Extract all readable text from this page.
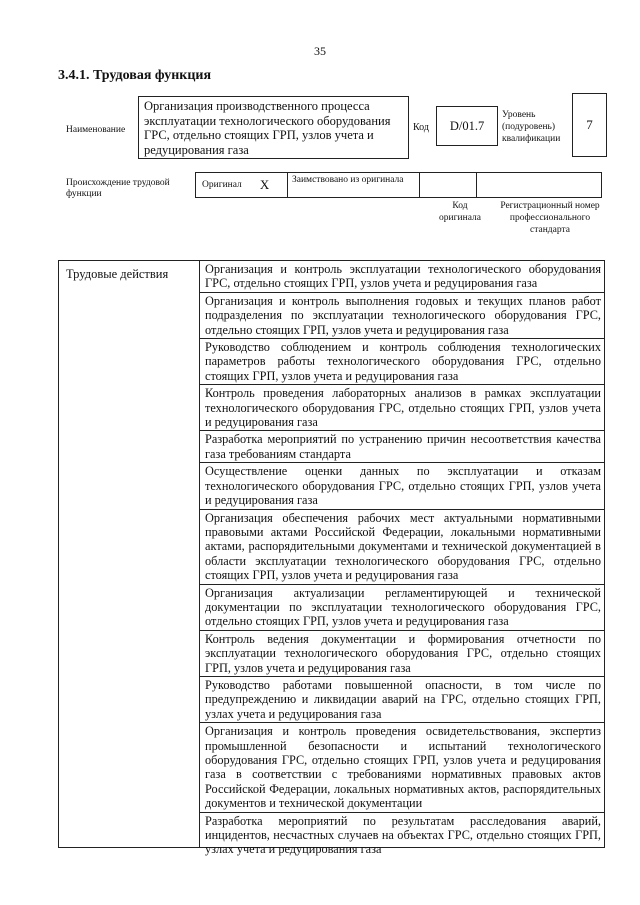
35
3.4.1. Трудовая функция
Наименование
Организация производственного процесса эксплуатации технологического оборудования ГРС, отдельно стоящих ГРП, узлов учета и редуцирования газа
Код	D/01.7
Уровень (подуровень) квалификации
7
Происхождение трудовой функции
Оригинал X	Заимствовано из оригинала
Код оригинала
Регистрационный номер профессионального стандарта
Трудовые действия	Организация и контроль эксплуатации технологического оборудования ГРС, отдельно стоящих ГРП, узлов учета и редуцирования газа
Организация и контроль выполнения годовых и текущих планов работ подразделения по эксплуатации технологического оборудования ГРС, отдельно стоящих ГРП, узлов учета и редуцирования газа
Руководство соблюдением и контроль соблюдения технологических параметров работы технологического оборудования ГРС, отдельно стоящих ГРП, узлов учета и редуцирования газа
Контроль проведения лабораторных анализов в рамках эксплуатации технологического оборудования ГРС, отдельно стоящих ГРП, узлов учета и редуцирования газа
Разработка мероприятий по устранению причин несоответствия качества газа требованиям стандарта
Осуществление оценки данных по эксплуатации и отказам технологического оборудования ГРС, отдельно стоящих ГРП, узлов учета и редуцирования газа
Организация обеспечения рабочих мест актуальными нормативными правовыми актами Российской Федерации, локальными нормативными актами, распорядительными документами и технической документацией в области эксплуатации технологического оборудования ГРС, отдельно стоящих ГРП, узлов учета и редуцирования газа
Организация актуализации регламентирующей и технической документации по эксплуатации технологического оборудования ГРС, отдельно стоящих ГРП, узлов учета и редуцирования газа
Контроль ведения документации и формирования отчетности по эксплуатации технологического оборудования ГРС, отдельно стоящих ГРП, узлов учета и редуцирования газа
Руководство работами повышенной опасности, в том числе по предупреждению и ликвидации аварий на ГРС, отдельно стоящих ГРП, узлах учета и редуцирования газа
Организация и контроль проведения освидетельствования, экспертиз промышленной безопасности и испытаний технологического оборудования ГРС, отдельно стоящих ГРП, узлов учета и редуцирования газа в соответствии с требованиями нормативных правовых актов Российской Федерации, локальных нормативных актов, распорядительных документов и технической документации
Разработка мероприятий по результатам расследования аварий, инцидентов, несчастных случаев на объектах ГРС, отдельно стоящих ГРП, узлах учета и редуцирования газа
